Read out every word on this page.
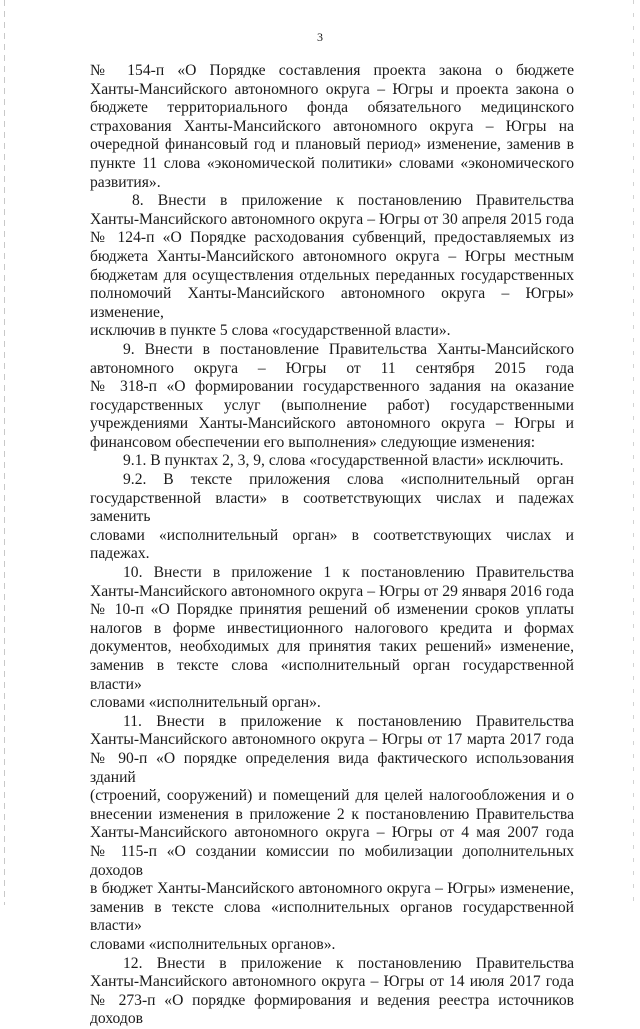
3

№ 154-п «О Порядке составления проекта закона о бюджете

Ханты-Мансийского автономного округа – Югры и проекта закона о

бюджете территориального фонда обязательного медицинского

страхования Ханты-Мансийского автономного округа – Югры на

очередной финансовый год и плановый период» изменение, заменив в

пункте 11 слова «экономической политики» словами «экономического

развития».

8. Внести в приложение к постановлению Правительства

Ханты-Мансийского автономного округа – Югры от 30 апреля 2015 года

№ 124-п «О Порядке расходования субвенций, предоставляемых из

бюджета Ханты-Мансийского автономного округа – Югры местным

бюджетам для осуществления отдельных переданных государственных

полномочий Ханты-Мансийского автономного округа – Югры» изменение,

исключив в пункте 5 слова «государственной власти».

9. Внести в постановление Правительства Ханты-Мансийского

автономного округа – Югры от 11 сентября 2015 года

№ 318-п «О формировании государственного задания на оказание

государственных услуг (выполнение работ) государственными

учреждениями Ханты-Мансийского автономного округа – Югры и

финансовом обеспечении его выполнения» следующие изменения:

9.1. В пунктах 2, 3, 9, слова «государственной власти» исключить.

9.2. В тексте приложения слова «исполнительный орган

государственной власти» в соответствующих числах и падежах заменить

словами «исполнительный орган» в соответствующих числах и падежах.

10. Внести в приложение 1 к постановлению Правительства

Ханты-Мансийского автономного округа – Югры от 29 января 2016 года

№ 10-п «О Порядке принятия решений об изменении сроков уплаты

налогов в форме инвестиционного налогового кредита и формах

документов, необходимых для принятия таких решений» изменение,

заменив в тексте слова «исполнительный орган государственной власти»

словами «исполнительный орган».

11. Внести в приложение к постановлению Правительства

Ханты-Мансийского автономного округа – Югры от 17 марта 2017 года

№ 90-п «О порядке определения вида фактического использования зданий

(строений, сооружений) и помещений для целей налогообложения и о

внесении изменения в приложение 2 к постановлению Правительства

Ханты-Мансийского автономного округа – Югры от 4 мая 2007 года

№ 115-п «О создании комиссии по мобилизации дополнительных доходов

в бюджет Ханты-Мансийского автономного округа – Югры» изменение,

заменив в тексте слова «исполнительных органов государственной власти»

словами «исполнительных органов».

12. Внести в приложение к постановлению Правительства

Ханты-Мансийского автономного округа – Югры от 14 июля 2017 года

№ 273-п «О порядке формирования и ведения реестра источников доходов
